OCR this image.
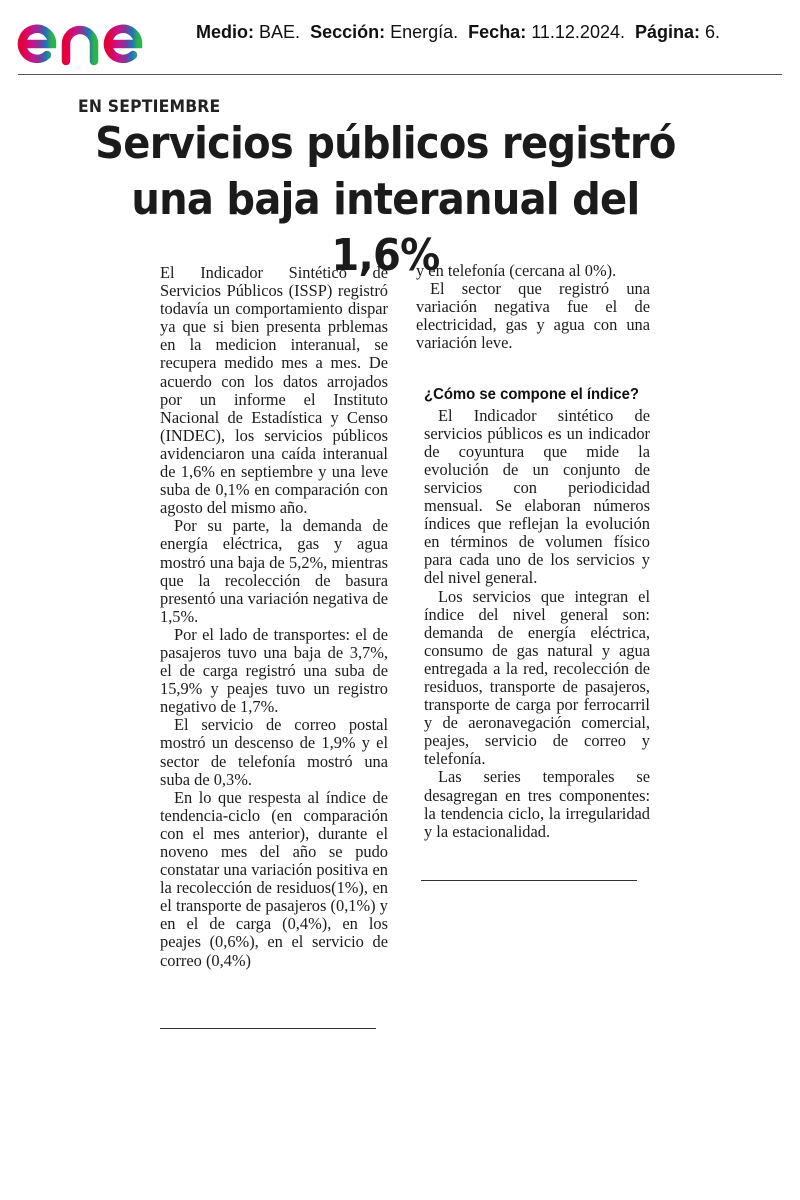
Medio: BAE. Sección: Energía. Fecha: 11.12.2024. Página: 6.
EN SEPTIEMBRE
Servicios públicos registró una baja interanual del 1,6%

El Indicador Sintético de Servicios Públicos (ISSP) registró todavía un comportamiento dispar ya que si bien presenta prblemas en la medicion interanual, se recupera medido mes a mes. De acuerdo con los datos arrojados por un informe el Instituto Nacional de Estadística y Censo (INDEC), los servicios públicos avidenciaron una caída interanual de 1,6% en septiembre y una leve suba de 0,1% en comparación con agosto del mismo año.

Por su parte, la demanda de energía eléctrica, gas y agua mostró una baja de 5,2%, mientras que la recolección de basura presentó una variación negativa de 1,5%.

Por el lado de transportes: el de pasajeros tuvo una baja de 3,7%, el de carga registró una suba de 15,9% y peajes tuvo un registro negativo de 1,7%.

El servicio de correo postal mostró un descenso de 1,9% y el sector de telefonía mostró una suba de 0,3%.

En lo que respesta al índice de tendencia-ciclo (en comparación con el mes anterior), durante el noveno mes del año se pudo constatar una variación positiva en la recolección de residuos(1%), en el transporte de pasajeros (0,1%) y en el de carga (0,4%), en los peajes (0,6%), en el servicio de correo (0,4%)

y en telefonía (cercana al 0%).

El sector que registró una variación negativa fue el de electricidad, gas y agua con una variación leve.

¿Cómo se compone el índice?

El Indicador sintético de servicios públicos es un indicador de coyuntura que mide la evolución de un conjunto de servicios con periodicidad mensual. Se elaboran números índices que reflejan la evolución en términos de volumen físico para cada uno de los servicios y del nivel general.

Los servicios que integran el índice del nivel general son: demanda de energía eléctrica, consumo de gas natural y agua entregada a la red, recolección de residuos, transporte de pasajeros, transporte de carga por ferrocarril y de aeronavegación comercial, peajes, servicio de correo y telefonía.

Las series temporales se desagregan en tres componentes: la tendencia ciclo, la irregularidad y la estacionalidad.
